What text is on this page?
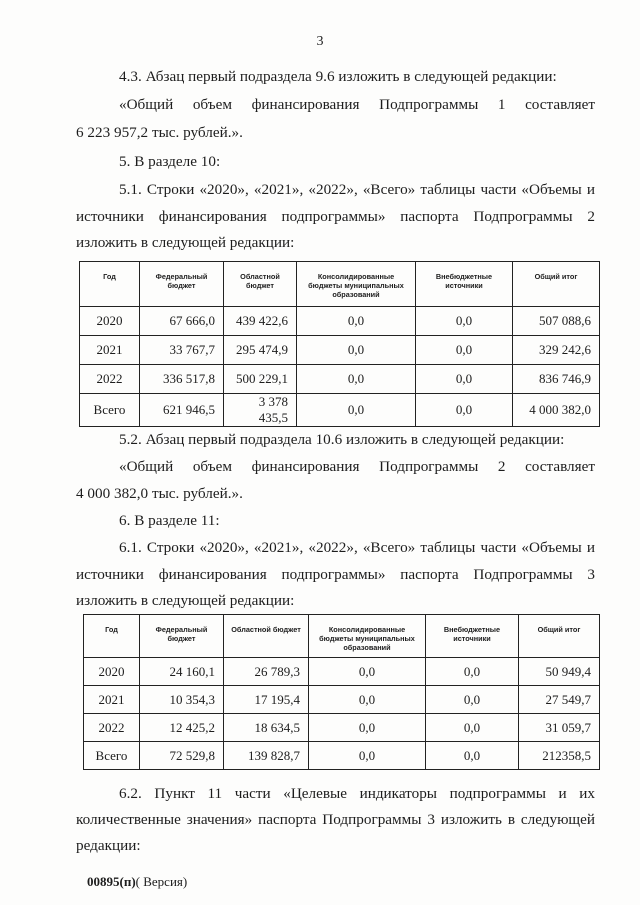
3

4.3. Абзац первый подраздела 9.6 изложить в следующей редакции:

«Общий объем финансирования Подпрограммы 1 составляет

6 223 957,2 тыс. рублей.».

5. В разделе 10:

5.1. Строки «2020», «2021», «2022», «Всего» таблицы части «Объемы и

источники финансирования подпрограммы» паспорта Подпрограммы 2

изложить в следующей редакции:

Год	Федеральный бюджет	Областной бюджет	Консолидированные бюджеты муниципальных образований	Внебюджетные источники	Общий итог
2020	67 666,0	439 422,6	0,0	0,0	507 088,6
2021	33 767,7	295 474,9	0,0	0,0	329 242,6
2022	336 517,8	500 229,1	0,0	0,0	836 746,9
Всего	621 946,5	3 378 435,5	0,0	0,0	4 000 382,0

5.2. Абзац первый подраздела 10.6 изложить в следующей редакции:

«Общий объем финансирования Подпрограммы 2 составляет

4 000 382,0 тыс. рублей.».

6. В разделе 11:

6.1. Строки «2020», «2021», «2022», «Всего» таблицы части «Объемы и

источники финансирования подпрограммы» паспорта Подпрограммы 3

изложить в следующей редакции:

Год	Федеральный бюджет	Областной бюджет	Консолидированные бюджеты муниципальных образований	Внебюджетные источники	Общий итог
2020	24 160,1	26 789,3	0,0	0,0	50 949,4
2021	10 354,3	17 195,4	0,0	0,0	27 549,7
2022	12 425,2	18 634,5	0,0	0,0	31 059,7
Всего	72 529,8	139 828,7	0,0	0,0	212358,5

6.2. Пункт 11 части «Целевые индикаторы подпрограммы и их

количественные значения» паспорта Подпрограммы 3 изложить в следующей

редакции:

00895(п)( Версия)
